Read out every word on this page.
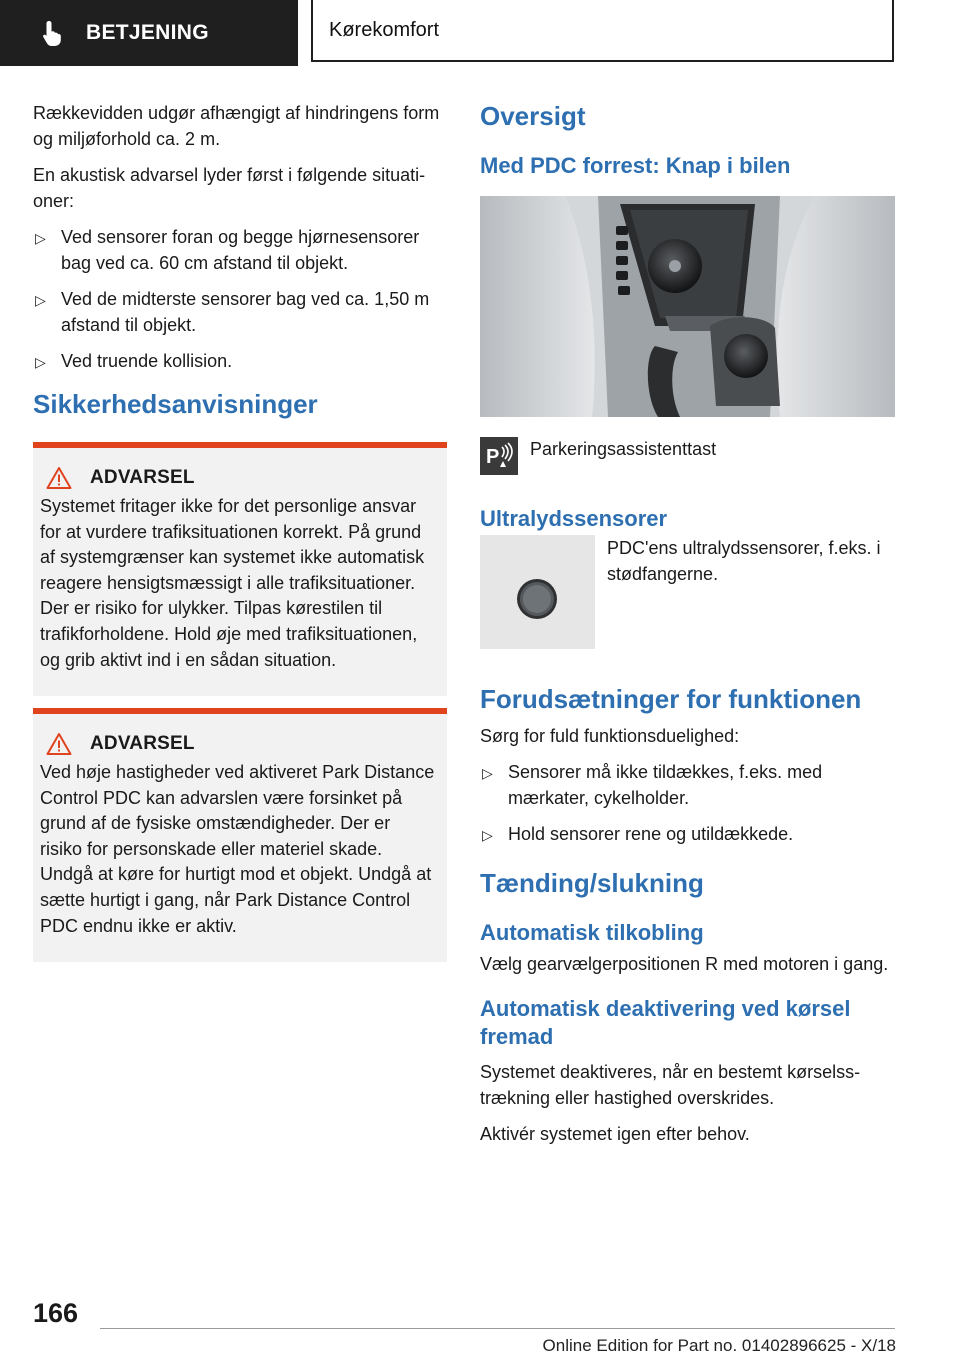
BETJENING	Kørekomfort

Rækkevidden udgør afhængigt af hindringens form og miljøforhold ca. 2 m.

En akustisk advarsel lyder først i følgende situationer:

▷ Ved sensorer foran og begge hjørnesensorer bag ved ca. 60 cm afstand til objekt.
▷ Ved de midterste sensorer bag ved ca. 1,50 m afstand til objekt.
▷ Ved truende kollision.
Sikkerhedsanvisninger
ADVARSEL

Systemet fritager ikke for det personlige ansvar for at vurdere trafiksituationen korrekt. På grund af systemgrænser kan systemet ikke automatisk reagere hensigtsmæssigt i alle trafiksituationer. Der er risiko for ulykker. Tilpas kørestilen til trafikforholdene. Hold øje med trafiksituationen, og grib aktivt ind i en sådan situation.

ADVARSEL

Ved høje hastigheder ved aktiveret Park Distance Control PDC kan advarslen være forsinket på grund af de fysiske omstændigheder. Der er risiko for personskade eller materiel skade. Undgå at køre for hurtigt mod et objekt. Undgå at sætte hurtigt i gang, når Park Distance Control PDC endnu ikke er aktiv.

Oversigt
Med PDC forrest: Knap i bilen
P Parkeringsassistenttast
Ultralydssensorer

PDC'ens ultralydssensorer, f.eks. i stødfangerne.

Forudsætninger for funktionen

Sørg for fuld funktionsduelighed:

▷ Sensorer må ikke tildækkes, f.eks. med mærkater, cykelholder.
▷ Hold sensorer rene og utildækkede.
Tænding/slukning
Automatisk tilkobling

Vælg gearvælgerpositionen R med motoren i gang.

Automatisk deaktivering ved kørsel fremad

Systemet deaktiveres, når en bestemt kørselsstrækning eller hastighed overskrides.

Aktivér systemet igen efter behov.

166
Online Edition for Part no. 01402896625 - X/18
